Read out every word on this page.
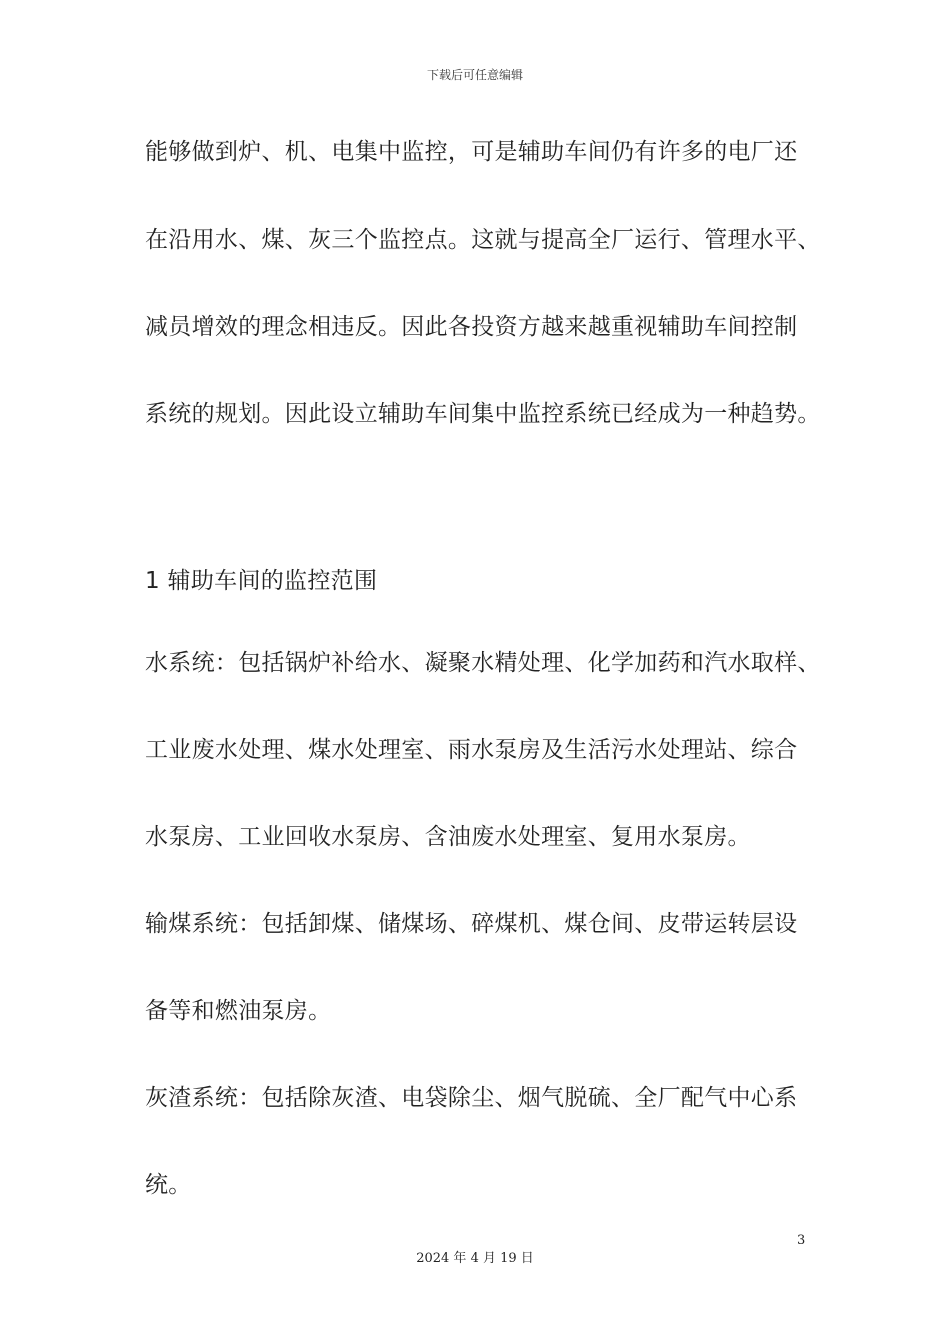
下载后可任意编辑
能够做到炉、机、电集中监控，可是辅助车间仍有许多的电厂还
在沿用水、煤、灰三个监控点。这就与提高全厂运行、管理水平、
减员增效的理念相违反。因此各投资方越来越重视辅助车间控制
系统的规划。因此设立辅助车间集中监控系统已经成为一种趋势。
1 辅助车间的监控范围
水系统：包括锅炉补给水、凝聚水精处理、化学加药和汽水取样、
工业废水处理、煤水处理室、雨水泵房及生活污水处理站、综合
水泵房、工业回收水泵房、含油废水处理室、复用水泵房。
输煤系统：包括卸煤、储煤场、碎煤机、煤仓间、皮带运转层设
备等和燃油泵房。
灰渣系统：包括除灰渣、电袋除尘、烟气脱硫、全厂配气中心系
统。
3
2024 年 4 月 19 日
